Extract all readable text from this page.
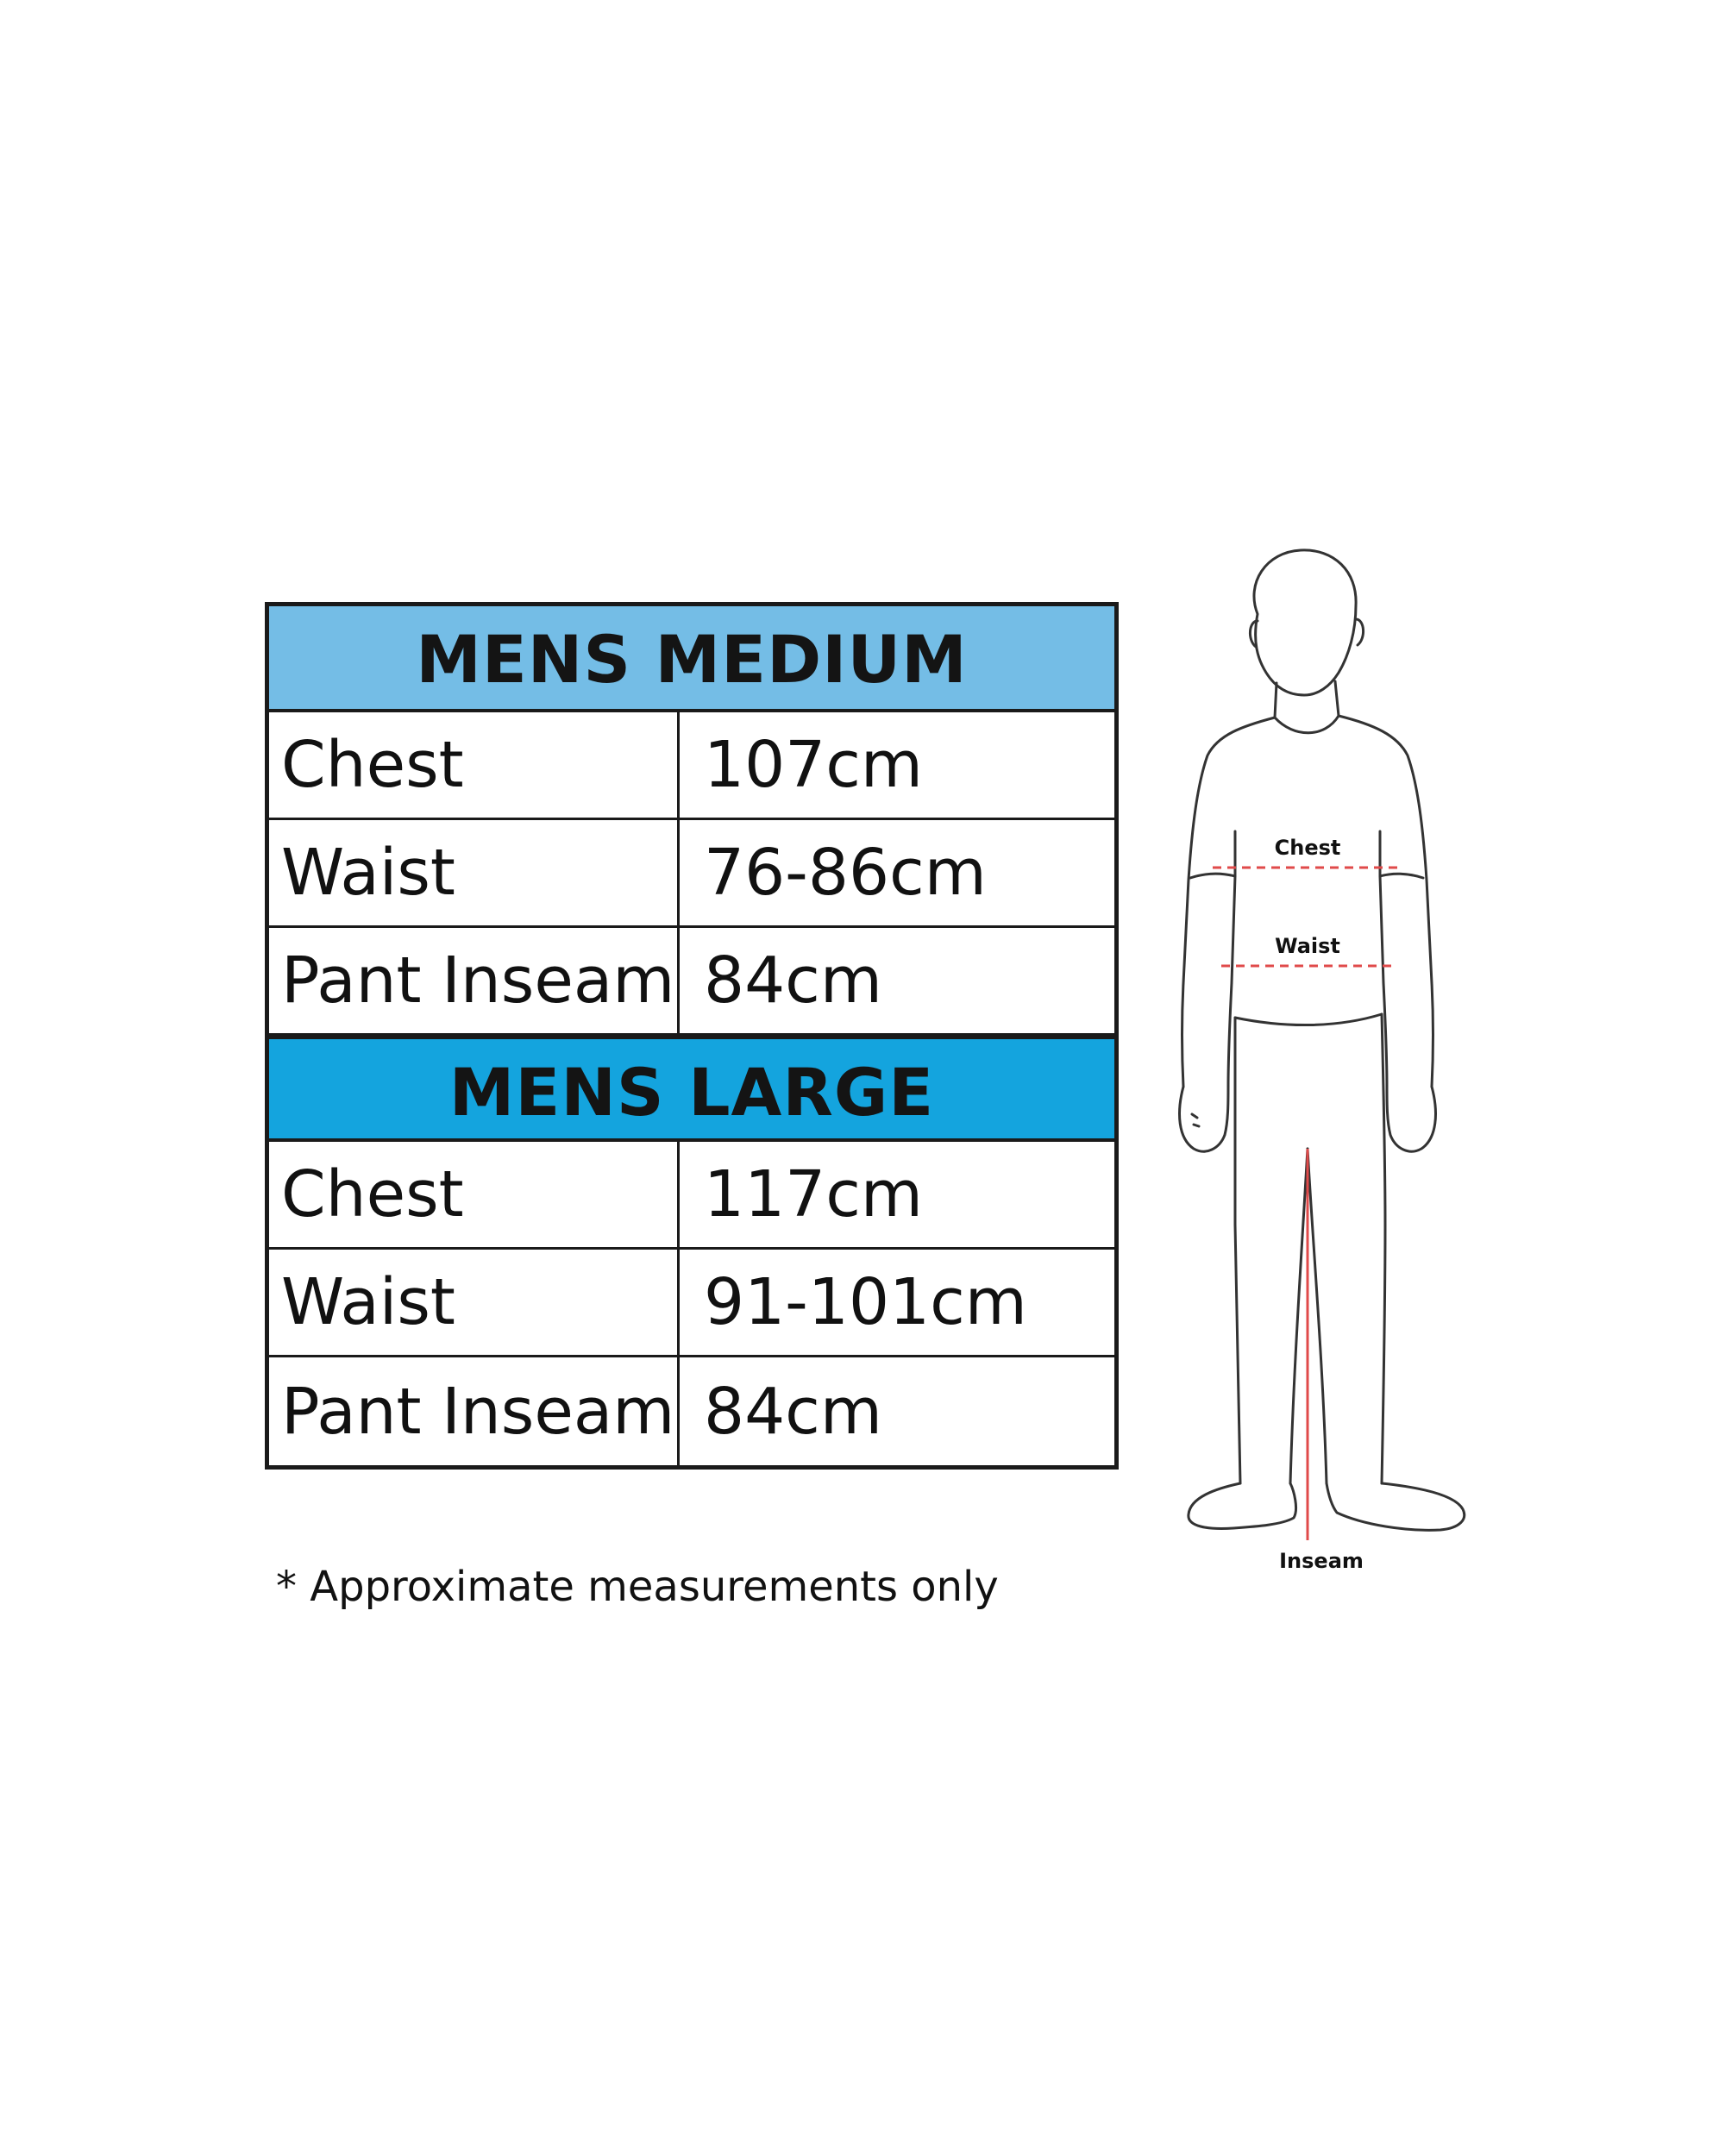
MENS MEDIUM
Chest	107cm
Waist	76-86cm
Pant Inseam 84cm
MENS LARGE
Chest	117cm
Waist	91-101cm
Pant Inseam 84cm
* Approximate measurements only
Chest
Waist
Inseam
